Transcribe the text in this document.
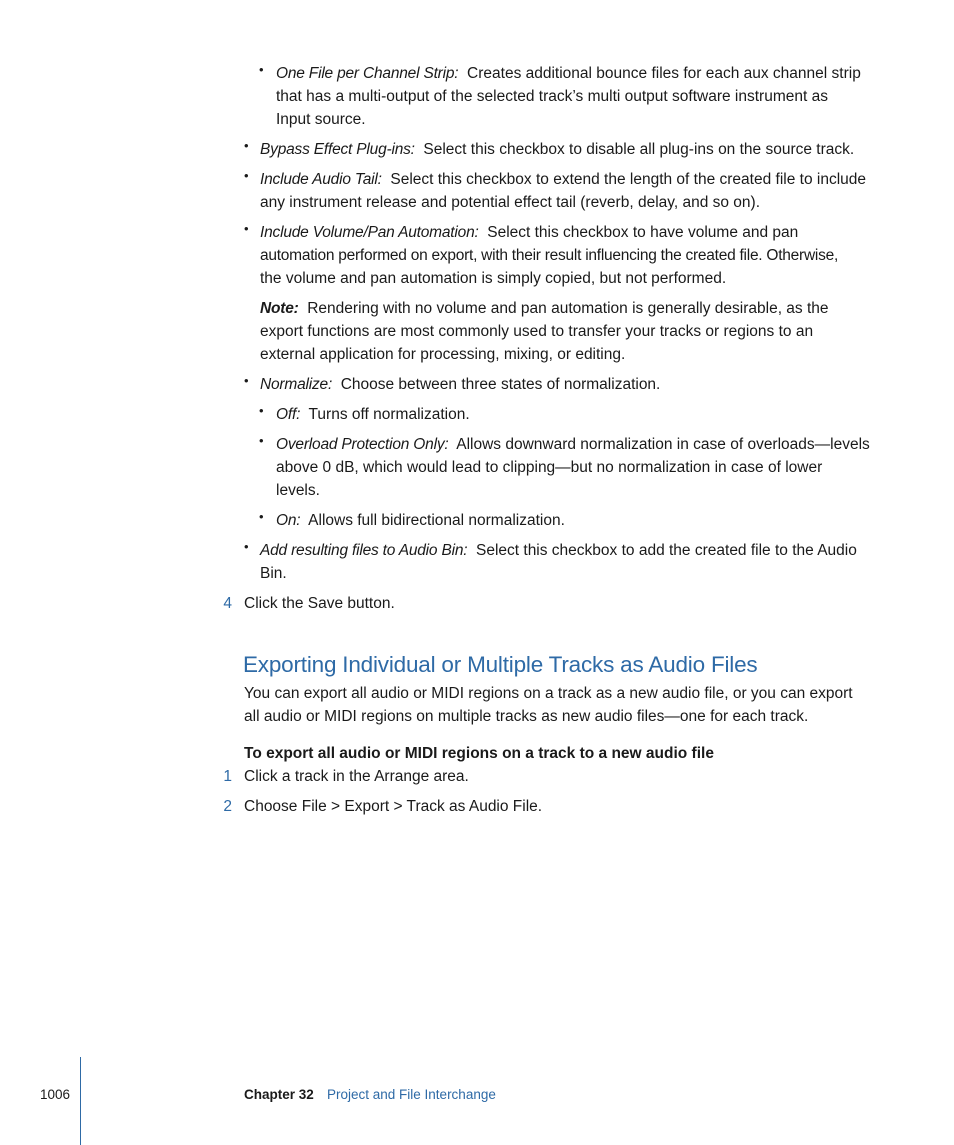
• One File per Channel Strip: Creates additional bounce files for each aux channel strip
that has a multi-output of the selected track’s multi output software instrument as
Input source.
• Bypass Effect Plug-ins: Select this checkbox to disable all plug-ins on the source track.
• Include Audio Tail: Select this checkbox to extend the length of the created file to include
any instrument release and potential effect tail (reverb, delay, and so on).
• Include Volume/Pan Automation: Select this checkbox to have volume and pan
automation performed on export, with their result influencing the created file. Otherwise,
the volume and pan automation is simply copied, but not performed.
Note: Rendering with no volume and pan automation is generally desirable, as the
export functions are most commonly used to transfer your tracks or regions to an
external application for processing, mixing, or editing.
• Normalize: Choose between three states of normalization.
• Off: Turns off normalization.
• Overload Protection Only: Allows downward normalization in case of overloads—levels
above 0 dB, which would lead to clipping—but no normalization in case of lower
levels.
• On: Allows full bidirectional normalization.
• Add resulting files to Audio Bin: Select this checkbox to add the created file to the Audio
Bin.
4 Click the Save button.
Exporting Individual or Multiple Tracks as Audio Files
You can export all audio or MIDI regions on a track as a new audio file, or you can export
all audio or MIDI regions on multiple tracks as new audio files—one for each track.
To export all audio or MIDI regions on a track to a new audio file
1 Click a track in the Arrange area.
2 Choose File > Export > Track as Audio File.
1006	Chapter 32 Project and File Interchange
